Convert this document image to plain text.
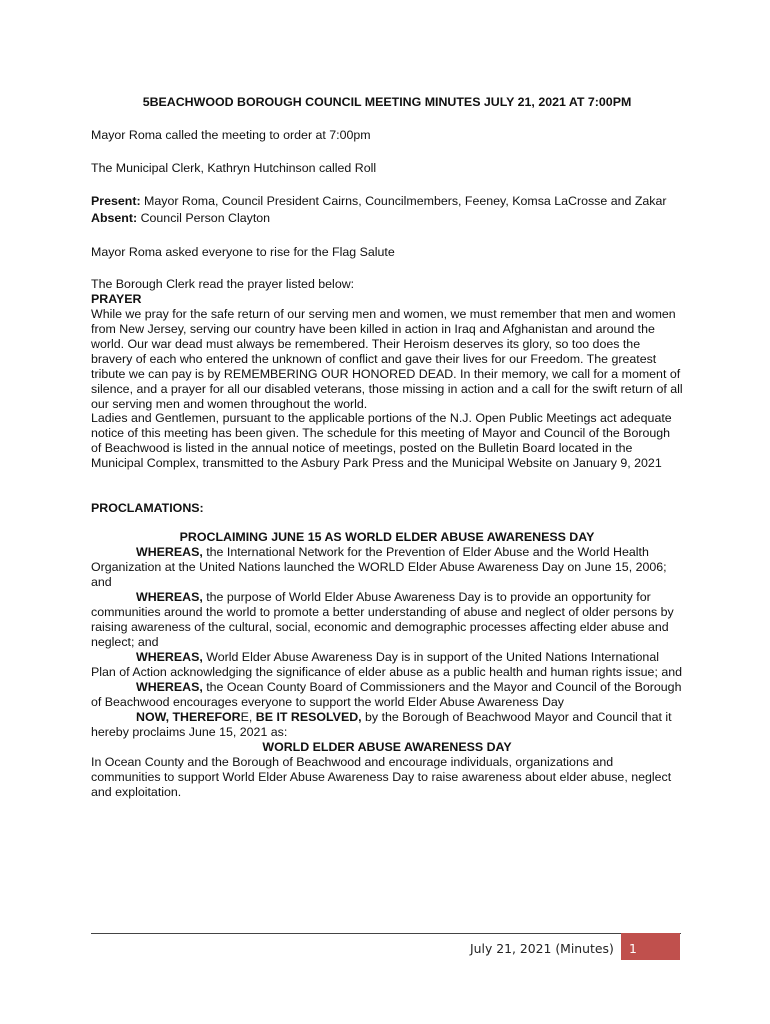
5BEACHWOOD BOROUGH COUNCIL MEETING MINUTES JULY 21, 2021 AT 7:00PM

Mayor Roma called the meeting to order at 7:00pm

The Municipal Clerk, Kathryn Hutchinson called Roll

Present: Mayor Roma, Council President Cairns, Councilmembers, Feeney, Komsa LaCrosse and Zakar

Absent: Council Person Clayton

Mayor Roma asked everyone to rise for the Flag Salute

The Borough Clerk read the prayer listed below:

PRAYER

While we pray for the safe return of our serving men and women, we must remember that men and women from New Jersey, serving our country have been killed in action in Iraq and Afghanistan and around the world. Our war dead must always be remembered. Their Heroism deserves its glory, so too does the bravery of each who entered the unknown of conflict and gave their lives for our Freedom. The greatest tribute we can pay is by REMEMBERING OUR HONORED DEAD. In their memory, we call for a moment of silence, and a prayer for all our disabled veterans, those missing in action and a call for the swift return of all our serving men and women throughout the world.

Ladies and Gentlemen, pursuant to the applicable portions of the N.J. Open Public Meetings act adequate notice of this meeting has been given. The schedule for this meeting of Mayor and Council of the Borough of Beachwood is listed in the annual notice of meetings, posted on the Bulletin Board located in the Municipal Complex, transmitted to the Asbury Park Press and the Municipal Website on January 9, 2021

PROCLAMATIONS:

PROCLAIMING JUNE 15 AS WORLD ELDER ABUSE AWARENESS DAY

WHEREAS, the International Network for the Prevention of Elder Abuse and the World Health Organization at the United Nations launched the WORLD Elder Abuse Awareness Day on June 15, 2006; and

WHEREAS, the purpose of World Elder Abuse Awareness Day is to provide an opportunity for communities around the world to promote a better understanding of abuse and neglect of older persons by raising awareness of the cultural, social, economic and demographic processes affecting elder abuse and neglect; and

WHEREAS, World Elder Abuse Awareness Day is in support of the United Nations International Plan of Action acknowledging the significance of elder abuse as a public health and human rights issue; and

WHEREAS, the Ocean County Board of Commissioners and the Mayor and Council of the Borough of Beachwood encourages everyone to support the world Elder Abuse Awareness Day

NOW, THEREFORE, BE IT RESOLVED, by the Borough of Beachwood Mayor and Council that it hereby proclaims June 15, 2021 as:

WORLD ELDER ABUSE AWARENESS DAY

In Ocean County and the Borough of Beachwood and encourage individuals, organizations and communities to support World Elder Abuse Awareness Day to raise awareness about elder abuse, neglect and exploitation.

July 21, 2021 (Minutes)	1
